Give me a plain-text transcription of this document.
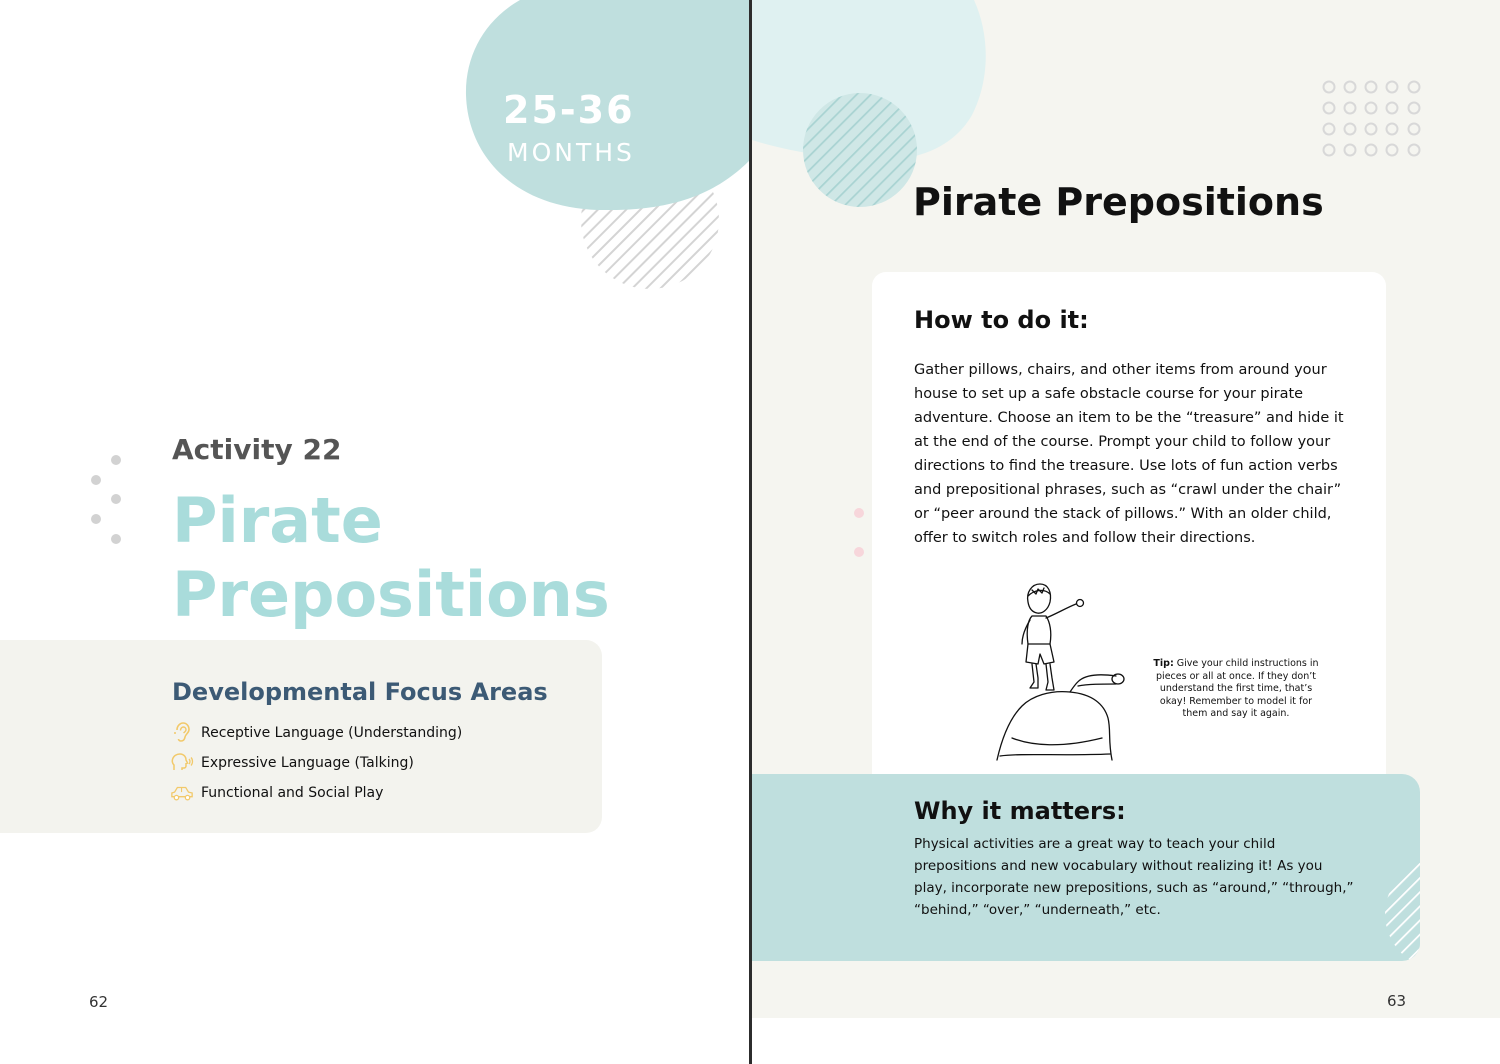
25-36

MONTHS

Activity 22

Pirate Prepositions
Developmental Focus Areas
Receptive Language (Understanding)
Expressive Language (Talking)
Functional and Social Play
62
Pirate Prepositions
How to do it:

Gather pillows, chairs, and other items from around your house to set up a safe obstacle course for your pirate adventure. Choose an item to be the “treasure” and hide it at the end of the course. Prompt your child to follow your directions to find the treasure. Use lots of fun action verbs and prepositional phrases, such as “crawl under the chair” or “peer around the stack of pillows.” With an older child, offer to switch roles and follow their directions.

Tip: Give your child instructions in pieces or all at once. If they don’t understand the first time, that’s okay! Remember to model it for them and say it again.

Why it matters:

Physical activities are a great way to teach your child prepositions and new vocabulary without realizing it! As you play, incorporate new prepositions, such as “around,” “through,” “behind,” “over,” “underneath,” etc.

63
